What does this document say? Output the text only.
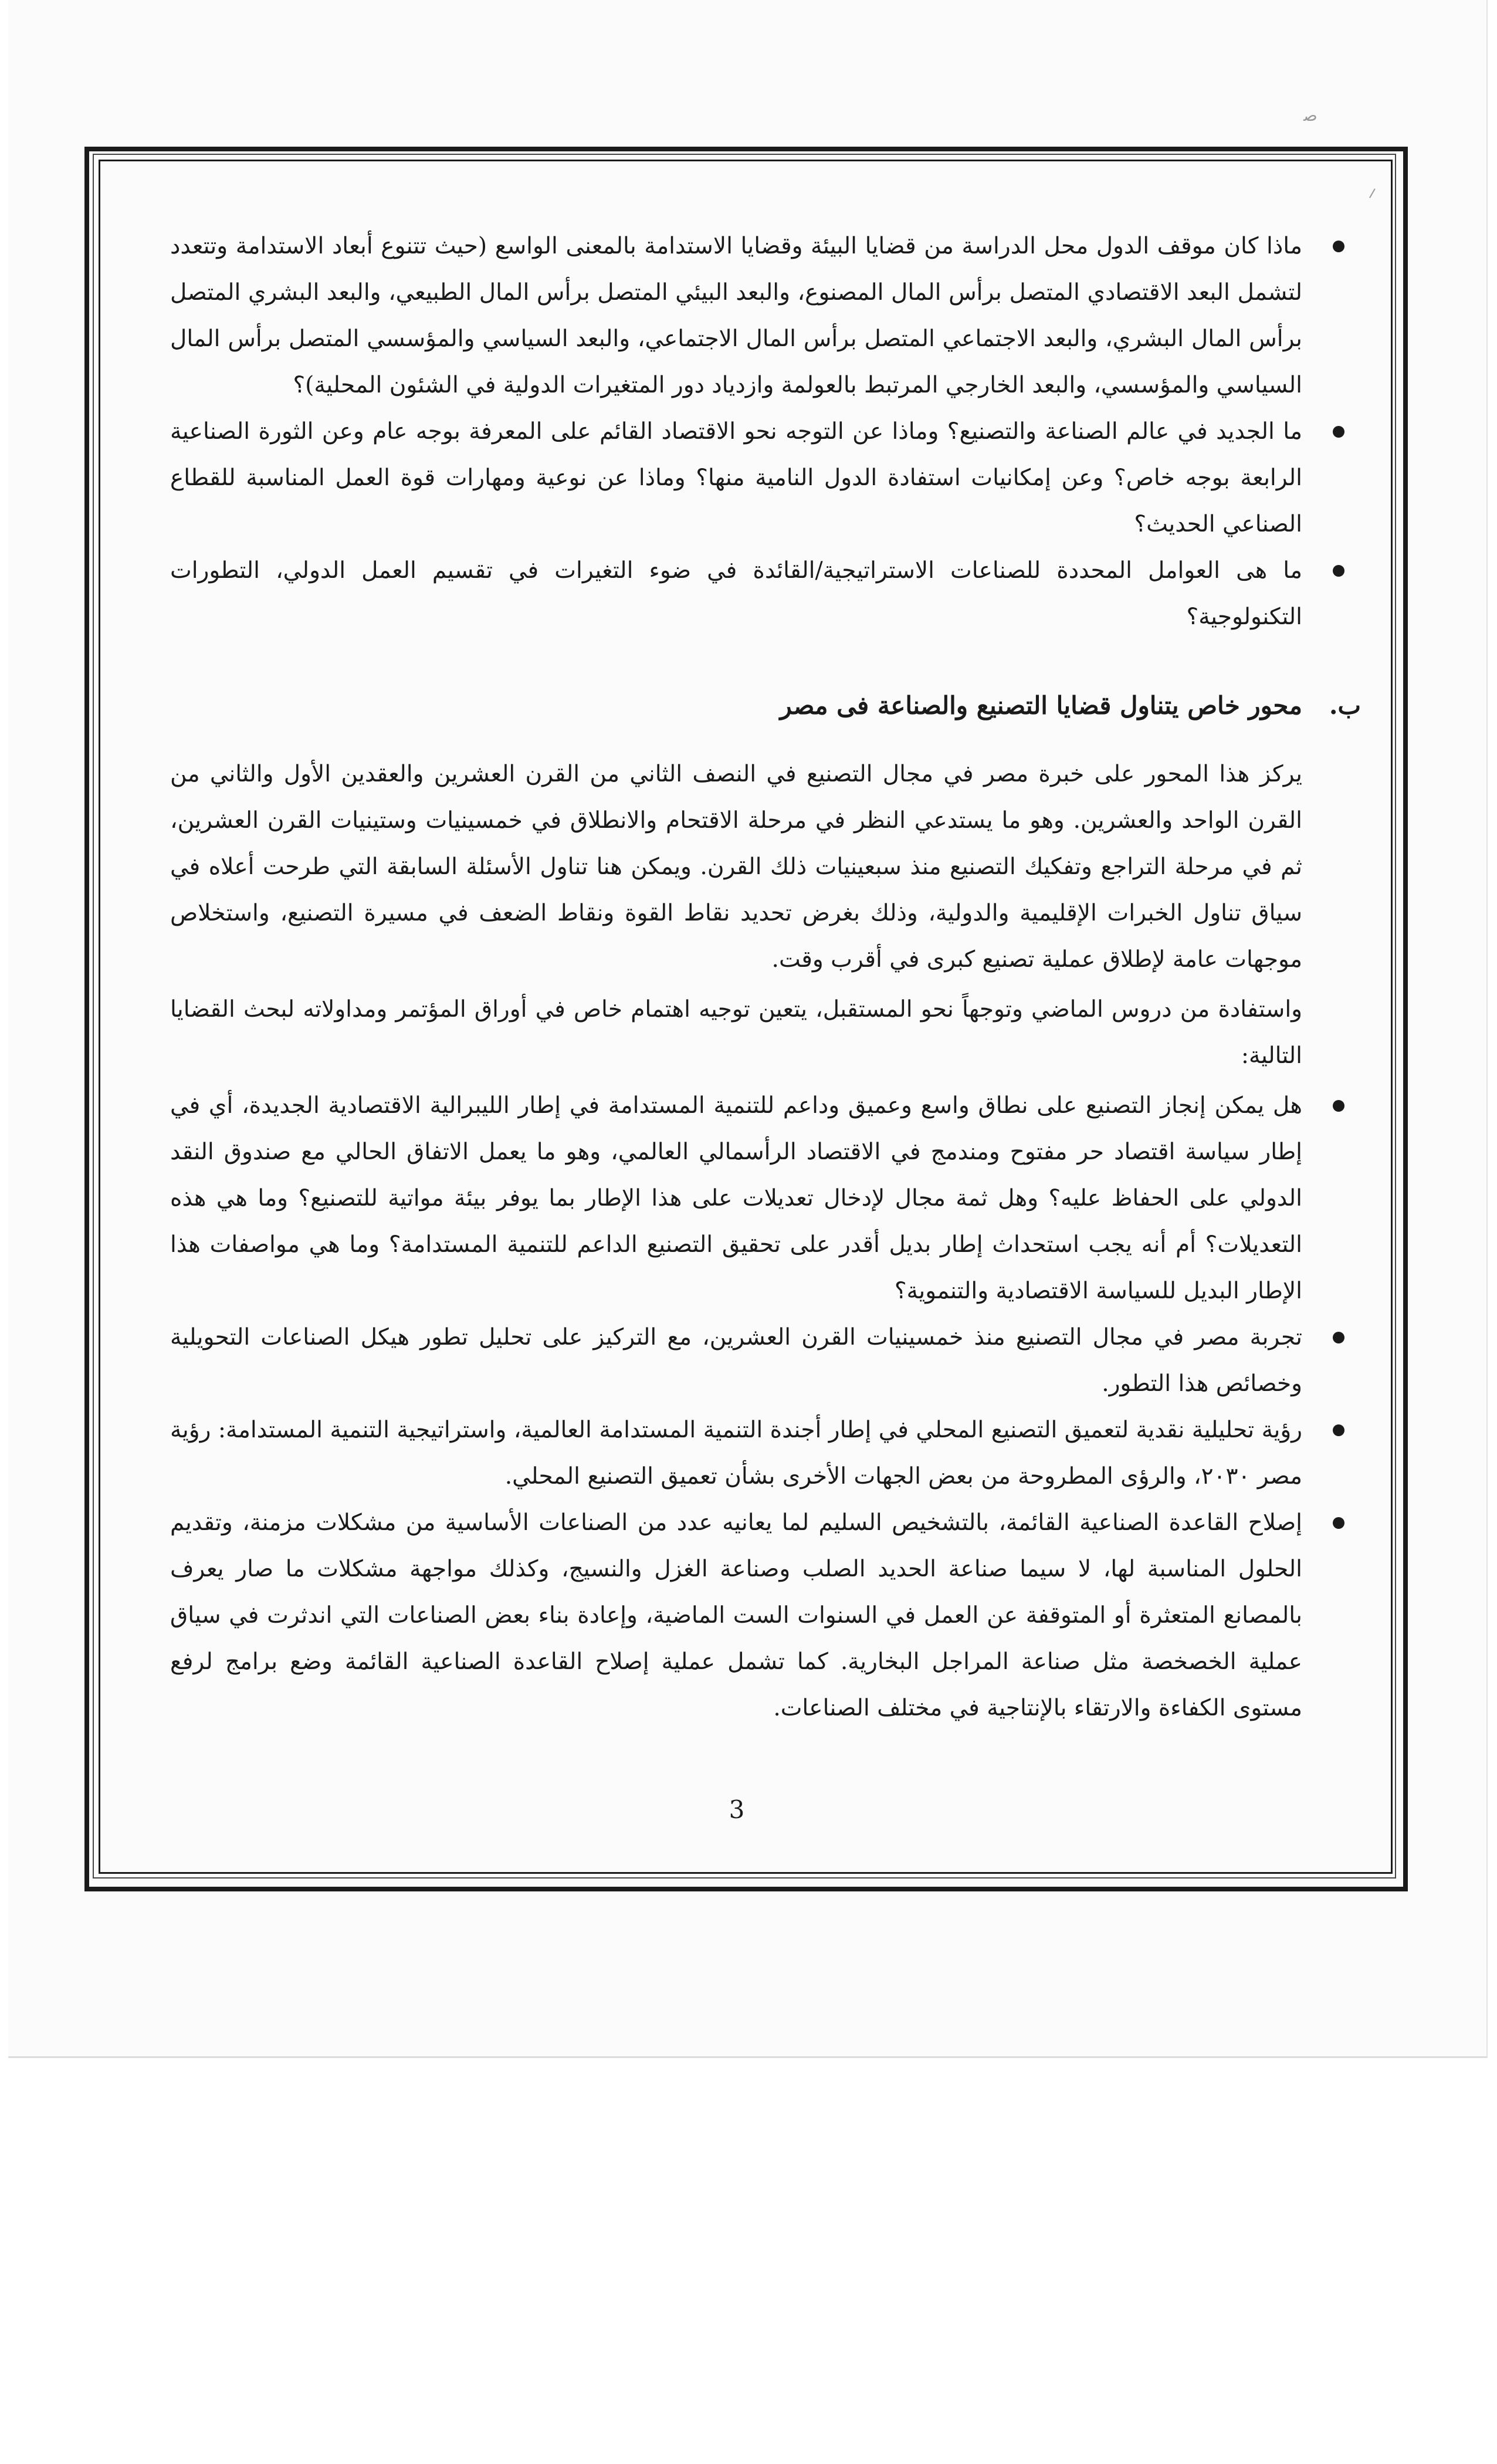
ﺻ
ماذا كان موقف الدول محل الدراسة من قضايا البيئة وقضايا الاستدامة بالمعنى الواسع (حيث تتنوع أبعاد الاستدامة وتتعدد لتشمل البعد الاقتصادي المتصل برأس المال المصنوع، والبعد البيئي المتصل برأس المال الطبيعي، والبعد البشري المتصل برأس المال البشري، والبعد الاجتماعي المتصل برأس المال الاجتماعي، والبعد السياسي والمؤسسي المتصل برأس المال السياسي والمؤسسي، والبعد الخارجي المرتبط بالعولمة وازدياد دور المتغيرات الدولية في الشئون المحلية)؟
ما الجديد في عالم الصناعة والتصنيع؟ وماذا عن التوجه نحو الاقتصاد القائم على المعرفة بوجه عام وعن الثورة الصناعية الرابعة بوجه خاص؟ وعن إمكانيات استفادة الدول النامية منها؟ وماذا عن نوعية ومهارات قوة العمل المناسبة للقطاع الصناعي الحديث؟
ما هى العوامل المحددة للصناعات الاستراتيجية/القائدة في ضوء التغيرات في تقسيم العمل الدولي، التطورات التكنولوجية؟
ب.
محور خاص يتناول قضايا التصنيع والصناعة فى مصر

يركز هذا المحور على خبرة مصر في مجال التصنيع في النصف الثاني من القرن العشرين والعقدين الأول والثاني من القرن الواحد والعشرين. وهو ما يستدعي النظر في مرحلة الاقتحام والانطلاق في خمسينيات وستينيات القرن العشرين، ثم في مرحلة التراجع وتفكيك التصنيع منذ سبعينيات ذلك القرن. ويمكن هنا تناول الأسئلة السابقة التي طرحت أعلاه في سياق تناول الخبرات الإقليمية والدولية، وذلك بغرض تحديد نقاط القوة ونقاط الضعف في مسيرة التصنيع، واستخلاص موجهات عامة لإطلاق عملية تصنيع كبرى في أقرب وقت.

واستفادة من دروس الماضي وتوجهاً نحو المستقبل، يتعين توجيه اهتمام خاص في أوراق المؤتمر ومداولاته لبحث القضايا التالية:

هل يمكن إنجاز التصنيع على نطاق واسع وعميق وداعم للتنمية المستدامة في إطار الليبرالية الاقتصادية الجديدة، أي في إطار سياسة اقتصاد حر مفتوح ومندمج في الاقتصاد الرأسمالي العالمي، وهو ما يعمل الاتفاق الحالي مع صندوق النقد الدولي على الحفاظ عليه؟ وهل ثمة مجال لإدخال تعديلات على هذا الإطار بما يوفر بيئة مواتية للتصنيع؟ وما هي هذه التعديلات؟ أم أنه يجب استحداث إطار بديل أقدر على تحقيق التصنيع الداعم للتنمية المستدامة؟ وما هي مواصفات هذا الإطار البديل للسياسة الاقتصادية والتنموية؟
تجربة مصر في مجال التصنيع منذ خمسينيات القرن العشرين، مع التركيز على تحليل تطور هيكل الصناعات التحويلية وخصائص هذا التطور.
رؤية تحليلية نقدية لتعميق التصنيع المحلي في إطار أجندة التنمية المستدامة العالمية، واستراتيجية التنمية المستدامة: رؤية مصر ٢٠٣٠، والرؤى المطروحة من بعض الجهات الأخرى بشأن تعميق التصنيع المحلي.
إصلاح القاعدة الصناعية القائمة، بالتشخيص السليم لما يعانيه عدد من الصناعات الأساسية من مشكلات مزمنة، وتقديم الحلول المناسبة لها، لا سيما صناعة الحديد الصلب وصناعة الغزل والنسيج، وكذلك مواجهة مشكلات ما صار يعرف بالمصانع المتعثرة أو المتوقفة عن العمل في السنوات الست الماضية، وإعادة بناء بعض الصناعات التي اندثرت في سياق عملية الخصخصة مثل صناعة المراجل البخارية. كما تشمل عملية إصلاح القاعدة الصناعية القائمة وضع برامج لرفع مستوى الكفاءة والارتقاء بالإنتاجية في مختلف الصناعات.
3
